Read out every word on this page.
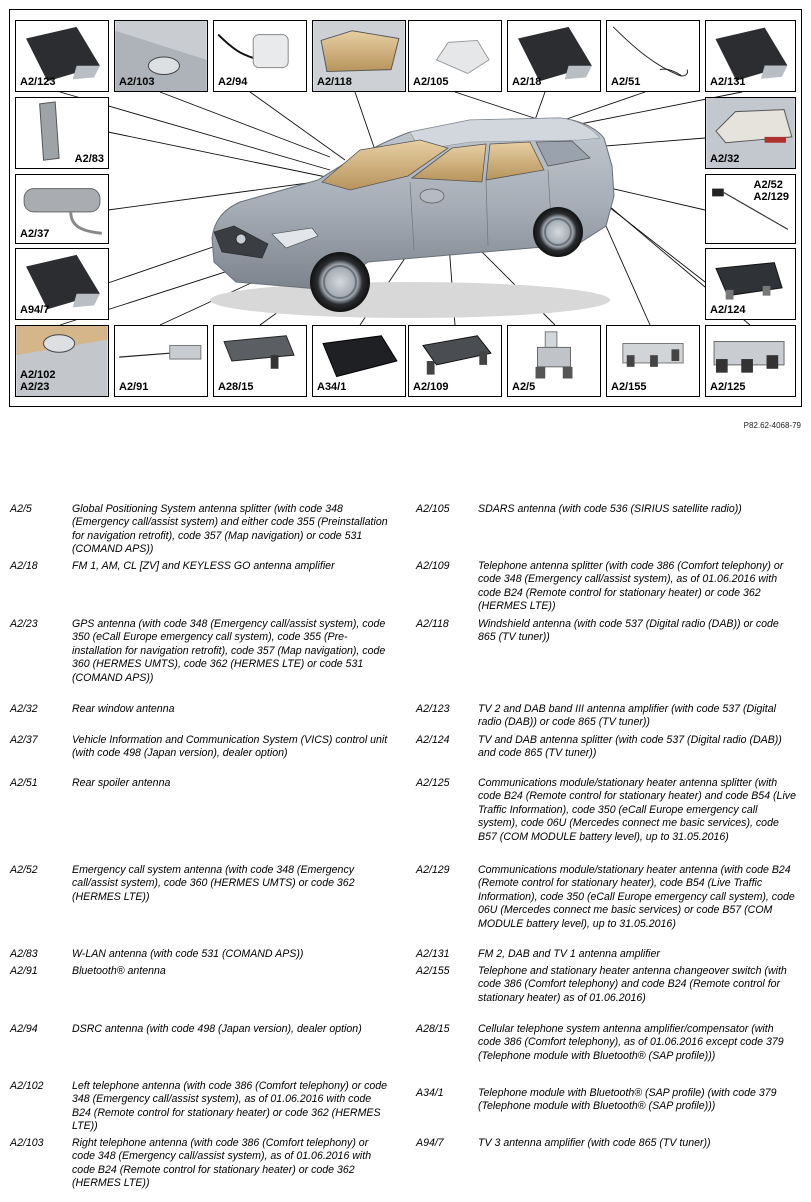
A2/123	A2/103	A2/94	A2/118	A2/105	A2/18	A2/51	A2/131
A2/83	A2/32
A2/37
A2/52
A2/129
A94/7	A2/124
A2/102
A2/23	A2/91	A28/15	A34/1	A2/109	A2/5	A2/155	A2/125
P82.62-4068-79
A2/5	Global Positioning System antenna splitter (with code 348 (Emergency call/assist system) and either code 355 (Preinstallation for navigation retrofit), code 357 (Map navigation) or code 531 (COMAND APS))
A2/18	FM 1, AM, CL [ZV] and KEYLESS GO antenna amplifier
A2/23	GPS antenna (with code 348 (Emergency call/assist system), code 350 (eCall Europe emergency call system), code 355 (Pre-installation for navigation retrofit), code 357 (Map navigation), code 360 (HERMES UMTS), code 362 (HERMES LTE) or code 531 (COMAND APS))
A2/32	Rear window antenna
A2/37	Vehicle Information and Communication System (VICS) control unit (with code 498 (Japan version), dealer option)
A2/51	Rear spoiler antenna
A2/52	Emergency call system antenna (with code 348 (Emergency call/assist system), code 360 (HERMES UMTS) or code 362 (HERMES LTE))
A2/83	W-LAN antenna (with code 531 (COMAND APS))
A2/91	Bluetooth® antenna
A2/94	DSRC antenna (with code 498 (Japan version), dealer option)
A2/102	Left telephone antenna (with code 386 (Comfort telephony) or code 348 (Emergency call/assist system), as of 01.06.2016 with code B24 (Remote control for stationary heater) or code 362 (HERMES LTE))
A2/103	Right telephone antenna (with code 386 (Comfort telephony) or code 348 (Emergency call/assist system), as of 01.06.2016 with code B24 (Remote control for stationary heater) or code 362 (HERMES LTE))
A2/105	SDARS antenna (with code 536 (SIRIUS satellite radio))
A2/109	Telephone antenna splitter (with code 386 (Comfort telephony) or code 348 (Emergency call/assist system), as of 01.06.2016 with code B24 (Remote control for stationary heater) or code 362 (HERMES LTE))
A2/118	Windshield antenna (with code 537 (Digital radio (DAB)) or code 865 (TV tuner))
A2/123	TV 2 and DAB band III antenna amplifier (with code 537 (Digital radio (DAB)) or code 865 (TV tuner))
A2/124	TV and DAB antenna splitter (with code 537 (Digital radio (DAB)) and code 865 (TV tuner))
A2/125	Communications module/stationary heater antenna splitter (with code B24 (Remote control for stationary heater) and code B54 (Live Traffic Information), code 350 (eCall Europe emergency call system), code 06U (Mercedes connect me basic services), code B57 (COM MODULE battery level), up to 31.05.2016)
A2/129	Communications module/stationary heater antenna (with code B24 (Remote control for stationary heater), code B54 (Live Traffic Information), code 350 (eCall Europe emergency call system), code 06U (Mercedes connect me basic services) or code B57 (COM MODULE battery level), up to 31.05.2016)
A2/131	FM 2, DAB and TV 1 antenna amplifier
A2/155	Telephone and stationary heater antenna changeover switch (with code 386 (Comfort telephony) and code B24 (Remote control for stationary heater) as of 01.06.2016)
A28/15	Cellular telephone system antenna amplifier/compensator (with code 386 (Comfort telephony), as of 01.06.2016 except code 379 (Telephone module with Bluetooth® (SAP profile)))
A34/1	Telephone module with Bluetooth® (SAP profile) (with code 379 (Telephone module with Bluetooth® (SAP profile)))
A94/7	TV 3 antenna amplifier (with code 865 (TV tuner))
